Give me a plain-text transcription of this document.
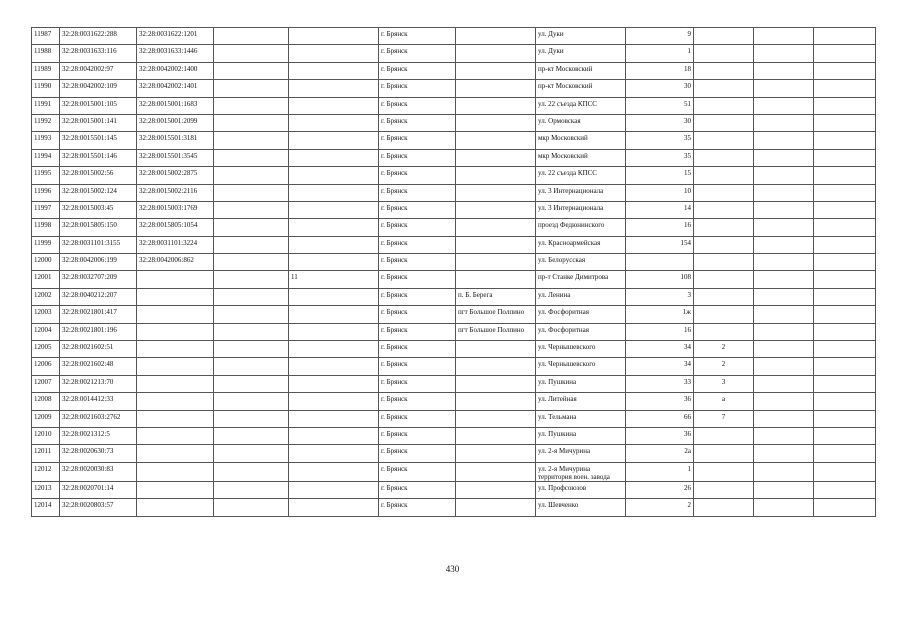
11987	32:28:0031622:288	32:28:0031622:1201			г. Брянск		ул. Дуки	9			
11988	32:28:0031633:116	32:28:0031633:1446			г. Брянск		ул. Дуки	1			
11989	32:28:0042002:97	32:28:0042002:1400			г. Брянск		пр-кт Московский	18			
11990	32:28:0042002:109	32:28:0042002:1401			г. Брянск		пр-кт Московский	30			
11991	32:28:0015001:105	32:28:0015001:1683			г. Брянск		ул. 22 съезда КПСС	51			
11992	32:28:0015001:141	32:28:0015001:2099			г. Брянск		ул. Ормовская	30			
11993	32:28:0015501:145	32:28:0015501:3181			г. Брянск		мкр Московский	35			
11994	32:28:0015501:146	32:28:0015501:3545			г. Брянск		мкр Московский	35			
11995	32:28:0015002:56	32:28:0015002:2875			г. Брянск		ул. 22 съезда КПСС	15			
11996	32:28:0015002:124	32:28:0015002:2116			г. Брянск		ул. 3 Интернационала	10			
11997	32:28:0015003:45	32:28:0015003:1769			г. Брянск		ул. 3 Интернационала	14			
11998	32:28:0015805:150	32:28:0015805:1054			г. Брянск		проезд Федюнинского	16			
11999	32:28:0031101:3155	32:28:0031101:3224			г. Брянск		ул. Красноармейская	154			
12000	32:28:0042006:199	32:28:0042006:862			г. Брянск		ул. Белорусская				
12001	32:28:0032707:209			11	г. Брянск		пр-т Станке Димитрова	108			
12002	32:28:0040212:207				г. Брянск	п. Б. Берега	ул. Ленина	3			
12003	32:28:0021801:417				г. Брянск	пгт Большое Полпино	ул. Фосфоритная	1ж			
12004	32:28:0021801:196				г. Брянск	пгт Большое Полпино	ул. Фосфоритная	16			
12005	32:28:0021602:51				г. Брянск		ул. Чернышевского	34	2		
12006	32:28:0021602:48				г. Брянск		ул. Чернышевского	34	2		
12007	32:28:0021213:70				г. Брянск		ул. Пушкина	33	3		
12008	32:28:0014412:33				г. Брянск		ул. Литейная	36	а		
12009	32:28:0021603:2762				г. Брянск		ул. Тельмана	66	7		
12010	32:28:0021312:5				г. Брянск		ул. Пушкина	36			
12011	32:28:0020630:73				г. Брянск		ул. 2-я Мичурина	2а			
12012	32:28:0020030:83				г. Брянск		ул. 2-я Мичурина территория воен. завода	1			
12013	32:28:0020701:14				г. Брянск		ул. Профсоюзов	26			
12014	32:28:0020803:57				г. Брянск		ул. Шевченко	2			
430
